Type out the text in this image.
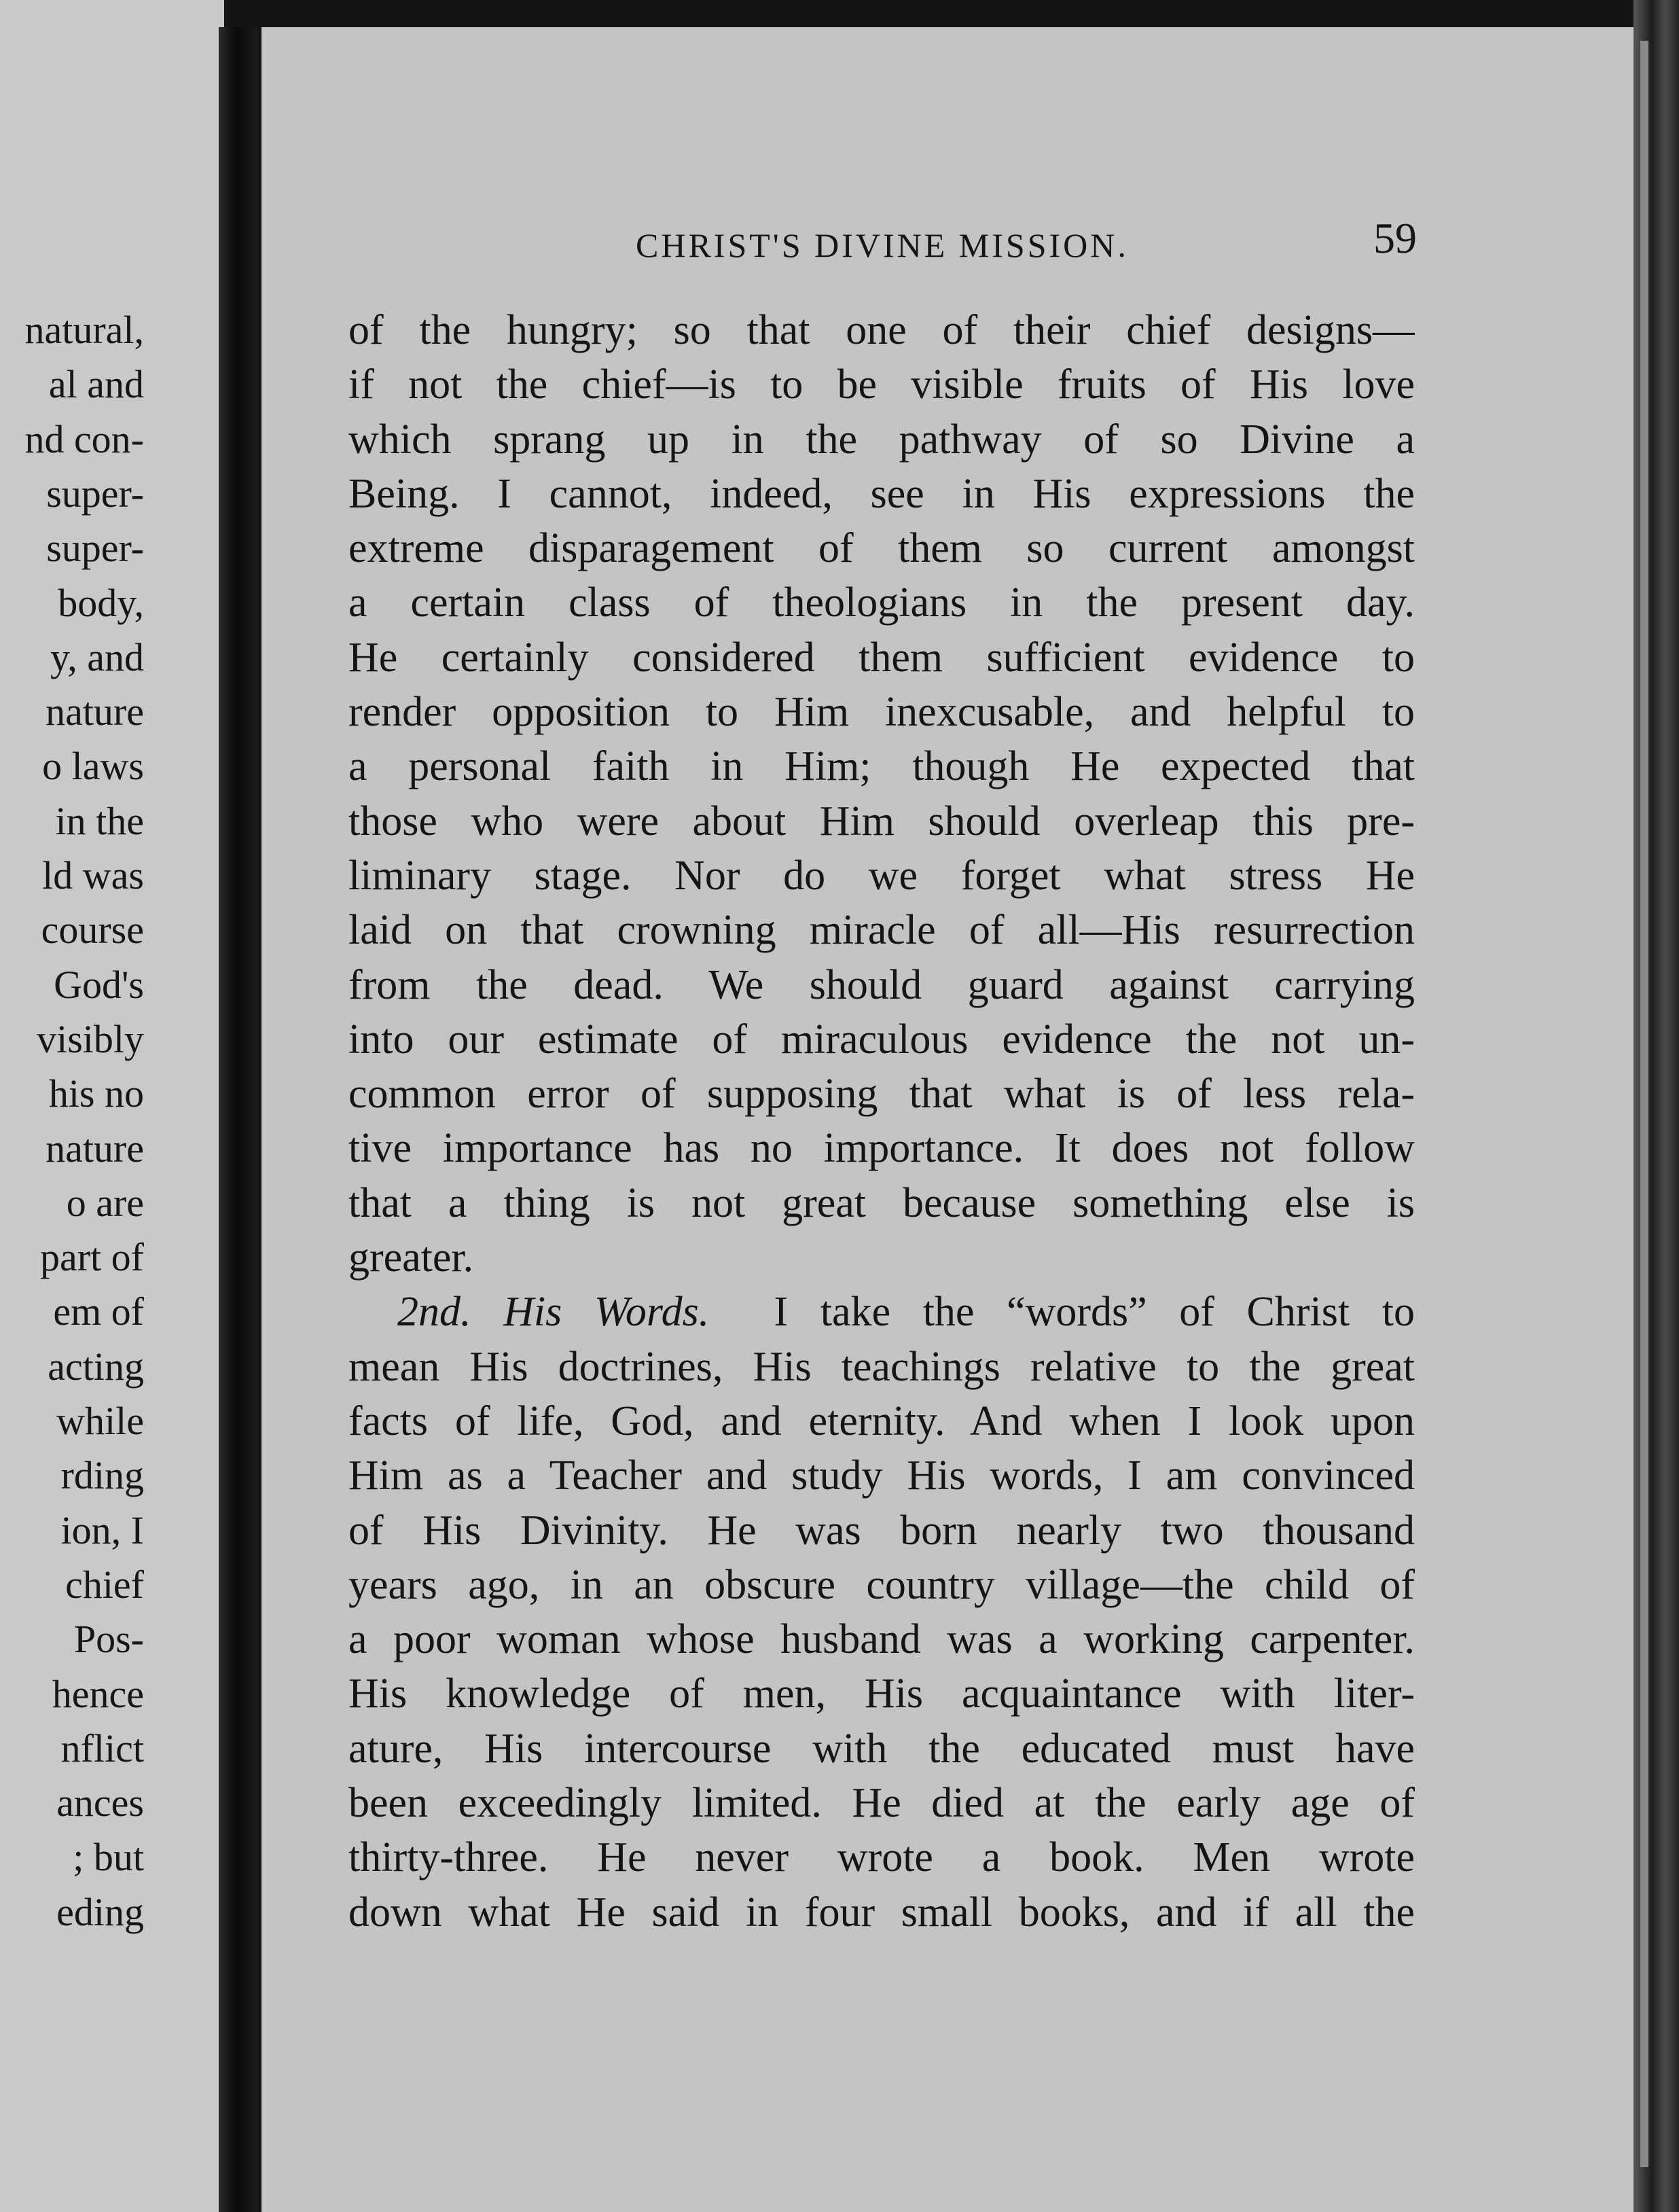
natural,
al and
nd con-
super-
super-
body,
y, and
nature
o laws
in the
ld was
course
God's
visibly
his no
nature
o are
part of
em of
acting
while
rding
ion, I
chief
Pos-
hence
nflict
ances
; but
eding
CHRIST'S DIVINE MISSION.	59
of the hungry; so that one of their chief designs—
if not the chief—is to be visible fruits of His love
which sprang up in the pathway of so Divine a
Being. I cannot, indeed, see in His expressions the
extreme disparagement of them so current amongst
a certain class of theologians in the present day.
He certainly considered them sufficient evidence to
render opposition to Him inexcusable, and helpful to
a personal faith in Him; though He expected that
those who were about Him should overleap this pre-
liminary stage. Nor do we forget what stress He
laid on that crowning miracle of all—His resurrection
from the dead. We should guard against carrying
into our estimate of miraculous evidence the not un-
common error of supposing that what is of less rela-
tive importance has no importance. It does not follow
that a thing is not great because something else is
greater.
2nd. His Words. I take the “words” of Christ to
mean His doctrines, His teachings relative to the great
facts of life, God, and eternity. And when I look upon
Him as a Teacher and study His words, I am convinced
of His Divinity. He was born nearly two thousand
years ago, in an obscure country village—the child of
a poor woman whose husband was a working carpenter.
His knowledge of men, His acquaintance with liter-
ature, His intercourse with the educated must have
been exceedingly limited. He died at the early age of
thirty-three. He never wrote a book. Men wrote
down what He said in four small books, and if all the
